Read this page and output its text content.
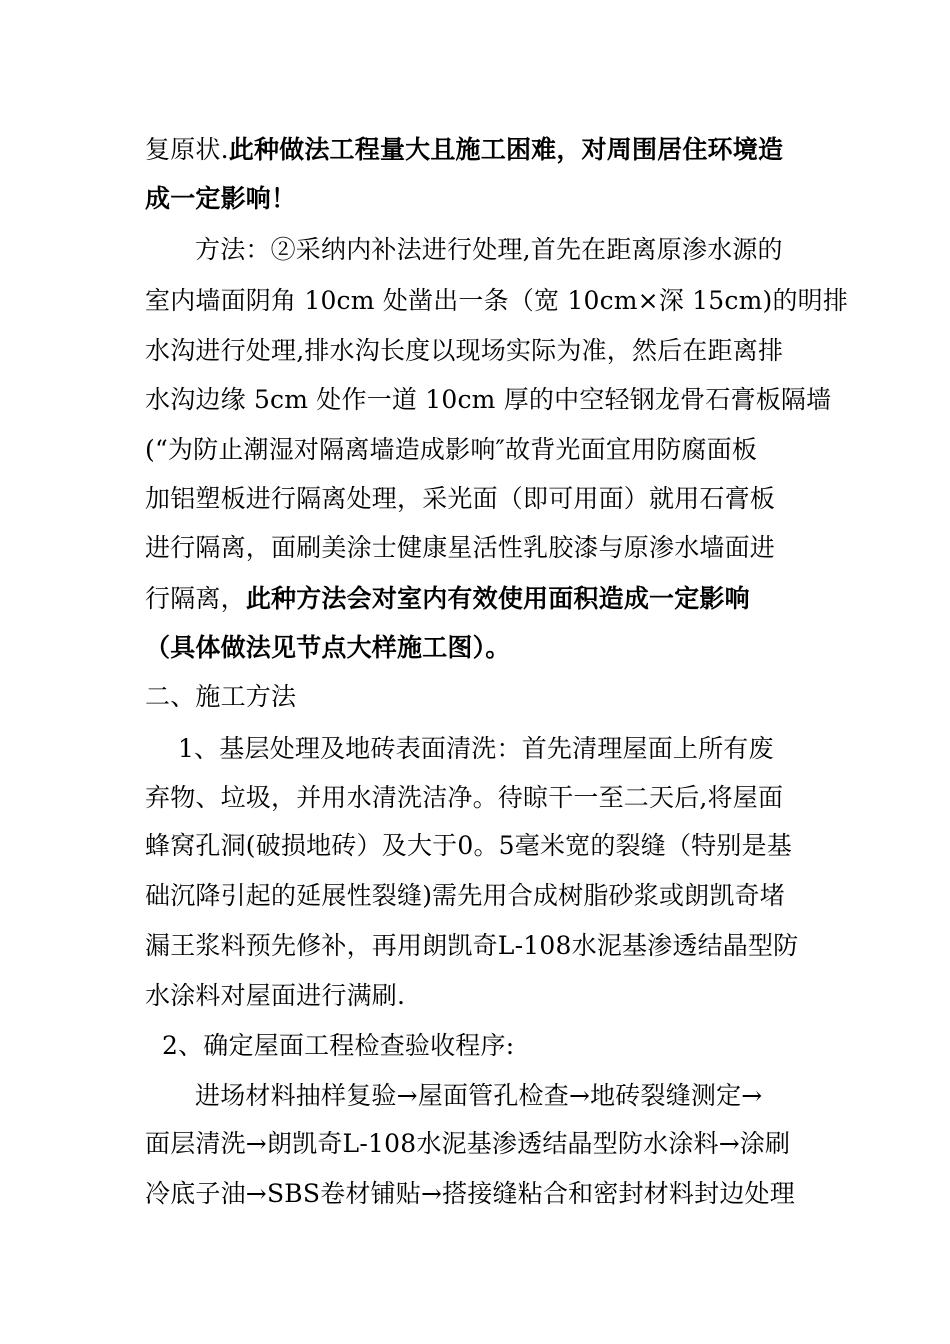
复原状.此种做法工程量大且施工困难，对周围居住环境造
成一定影响！
方法：②采纳内补法进行处理,首先在距离原渗水源的
室内墙面阴角 10cm 处凿出一条（宽 10cm×深 15cm)的明排
水沟进行处理,排水沟长度以现场实际为准，然后在距离排
水沟边缘 5cm 处作一道 10cm 厚的中空轻钢龙骨石膏板隔墙
(“为防止潮湿对隔离墙造成影响″故背光面宜用防腐面板
加铝塑板进行隔离处理，采光面（即可用面）就用石膏板
进行隔离，面刷美涂士健康星活性乳胶漆与原渗水墙面进
行隔离，此种方法会对室内有效使用面积造成一定影响
（具体做法见节点大样施工图）。
二、施工方法
1、基层处理及地砖表面清洗：首先清理屋面上所有废
弃物、垃圾，并用水清洗洁净。待晾干一至二天后,将屋面
蜂窝孔洞(破损地砖）及大于0。5毫米宽的裂缝（特别是基
础沉降引起的延展性裂缝)需先用合成树脂砂浆或朗凯奇堵
漏王浆料预先修补，再用朗凯奇L-108水泥基渗透结晶型防
水涂料对屋面进行满刷.
2、确定屋面工程检查验收程序:
进场材料抽样复验→屋面管孔检查→地砖裂缝测定→
面层清洗→朗凯奇L-108水泥基渗透结晶型防水涂料→涂刷
冷底子油→SBS卷材铺贴→搭接缝粘合和密封材料封边处理
